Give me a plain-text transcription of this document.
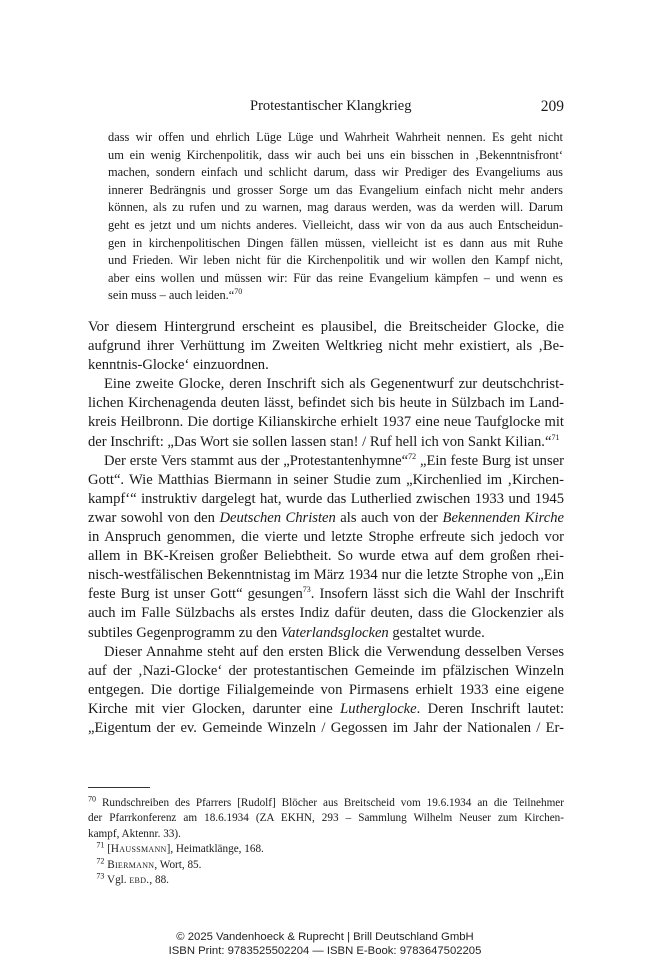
Protestantischer Klangkrieg	209
dass wir offen und ehrlich Lüge Lüge und Wahrheit Wahrheit nennen. Es geht nicht
um ein wenig Kirchenpolitik, dass wir auch bei uns ein bisschen in ‚Bekenntnisfront‘
machen, sondern einfach und schlicht darum, dass wir Prediger des Evangeliums aus
innerer Bedrängnis und grosser Sorge um das Evangelium einfach nicht mehr anders
können, als zu rufen und zu warnen, mag daraus werden, was da werden will. Darum
geht es jetzt und um nichts anderes. Vielleicht, dass wir von da aus auch Entscheidun-
gen in kirchenpolitischen Dingen fällen müssen, vielleicht ist es dann aus mit Ruhe
und Frieden. Wir leben nicht für die Kirchenpolitik und wir wollen den Kampf nicht,
aber eins wollen und müssen wir: Für das reine Evangelium kämpfen – und wenn es
sein muss – auch leiden.“$^{70}$

Vor diesem Hintergrund erscheint es plausibel, die Breitscheider Glocke, die
aufgrund ihrer Verhüttung im Zweiten Weltkrieg nicht mehr existiert, als ‚Be-
kenntnis-Glocke‘ einzuordnen.

Eine zweite Glocke, deren Inschrift sich als Gegenentwurf zur deutschchrist-
lichen Kirchenagenda deuten lässt, befindet sich bis heute in Sülzbach im Land-
kreis Heilbronn. Die dortige Kilianskirche erhielt 1937 eine neue Taufglocke mit
der Inschrift: „Das Wort sie sollen lassen stan! / Ruf hell ich von Sankt Kilian.“$^{71}$

Der erste Vers stammt aus der „Protestantenhymne“$^{72}$ „Ein feste Burg ist unser
Gott“. Wie Matthias Biermann in seiner Studie zum „Kirchenlied im ‚Kirchen-
kampf‘“ instruktiv dargelegt hat, wurde das Lutherlied zwischen 1933 und 1945
zwar sowohl von den Deutschen Christen als auch von der Bekennenden Kirche
in Anspruch genommen, die vierte und letzte Strophe erfreute sich jedoch vor
allem in BK-Kreisen großer Beliebtheit. So wurde etwa auf dem großen rhei-
nisch-westfälischen Bekenntnistag im März 1934 nur die letzte Strophe von „Ein
feste Burg ist unser Gott“ gesungen$^{73}$. Insofern lässt sich die Wahl der Inschrift
auch im Falle Sülzbachs als erstes Indiz dafür deuten, dass die Glockenzier als
subtiles Gegenprogramm zu den Vaterlandsglocken gestaltet wurde.

Dieser Annahme steht auf den ersten Blick die Verwendung desselben Verses
auf der ‚Nazi-Glocke‘ der protestantischen Gemeinde im pfälzischen Winzeln
entgegen. Die dortige Filialgemeinde von Pirmasens erhielt 1933 eine eigene
Kirche mit vier Glocken, darunter eine Lutherglocke. Deren Inschrift lautet:
„Eigentum der ev. Gemeinde Winzeln / Gegossen im Jahr der Nationalen / Er-

$^{70}$ Rundschreiben des Pfarrers [Rudolf] Blöcher aus Breitscheid vom 19.6.1934 an die Teilnehmer
der Pfarrkonferenz am 18.6.1934 (ZA EKHN, 293 – Sammlung Wilhelm Neuser zum Kirchen-
kampf, Aktennr. 33).
$^{71}$ [Haussmann], Heimatklänge, 168.
$^{72}$ Biermann, Wort, 85.
$^{73}$ Vgl. ebd., 88.
© 2025 Vandenhoeck & Ruprecht | Brill Deutschland GmbH
ISBN Print: 9783525502204 — ISBN E-Book: 9783647502205
